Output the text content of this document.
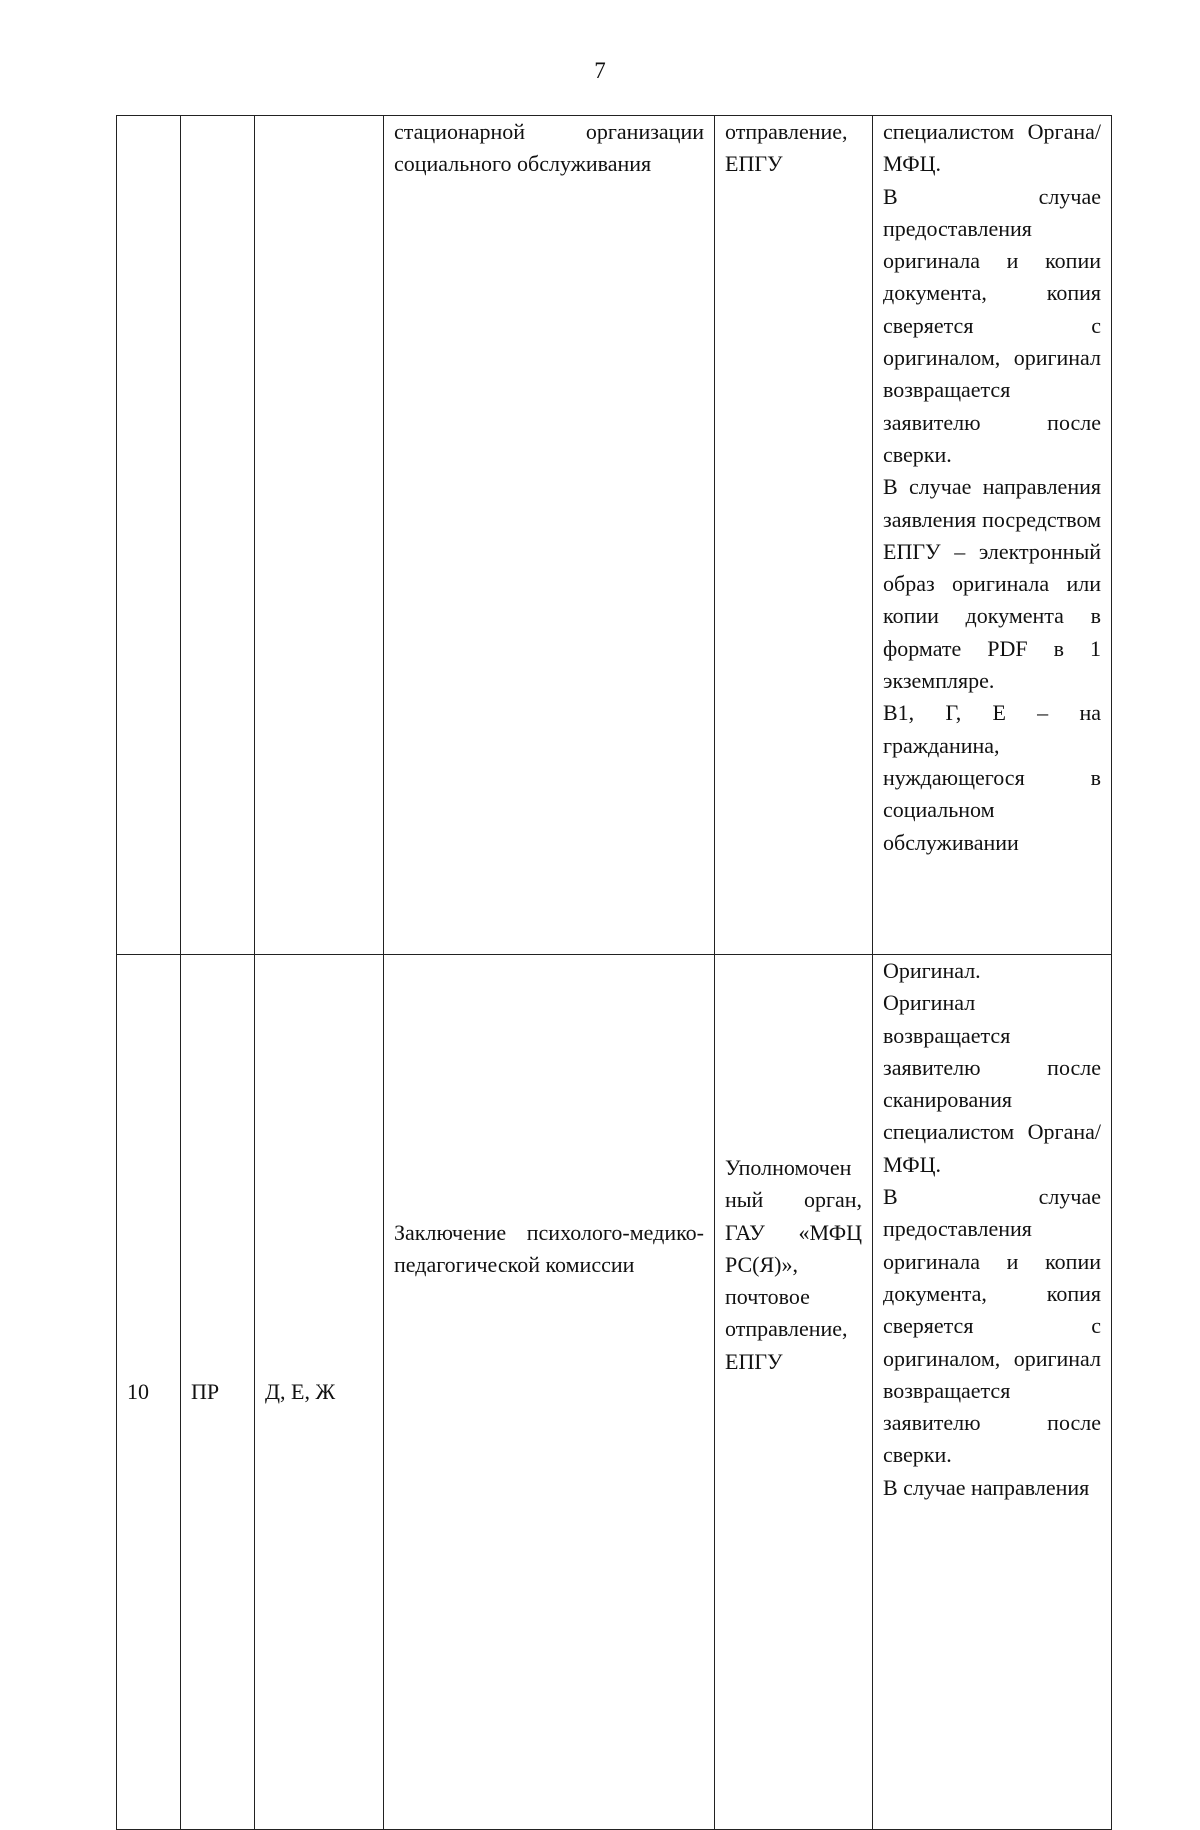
7

			стационарной организации социального обслуживания	отправление, ЕПГУ	специалистом Органа/МФЦ.
В случае предоставления оригинала и копии документа, копия сверяется с оригиналом, оригинал возвращается заявителю после сверки.
В случае направления заявления посредством ЕПГУ – электронный образ оригинала или копии документа в формате PDF в 1 экземпляре.
В1, Г, Е – на гражданина, нуждающегося в социальном обслуживании

10	ПР	Д, Е, Ж	Заключение психолого-медико-педагогической комиссии	Уполномоченный орган, ГАУ «МФЦ РС(Я)», почтовое отправление, ЕПГУ	Оригинал.
Оригинал возвращается заявителю после сканирования специалистом Органа/МФЦ.
В случае предоставления оригинала и копии документа, копия сверяется с оригиналом, оригинал возвращается заявителю после сверки.
В случае направления
